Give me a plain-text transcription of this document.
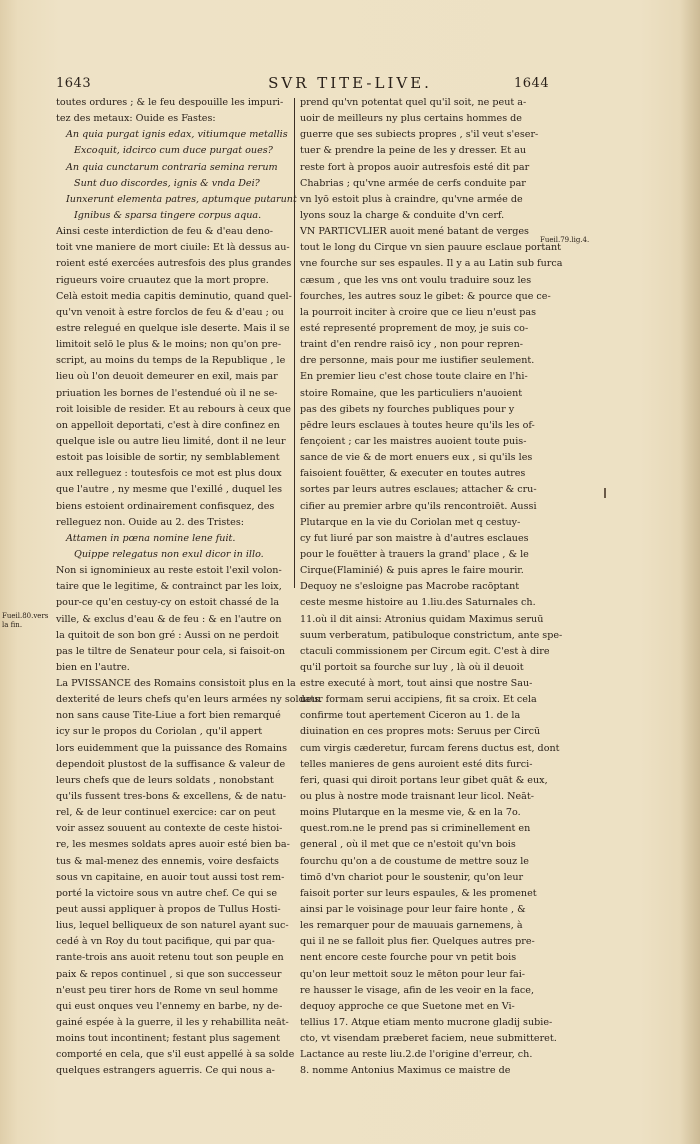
1643	SVR TITE-LIVE.	1644
toutes ordures ; & le feu despouille les impuri-
tez des metaux: Ouide es Fastes:
An quia purgat ignis edax, vitiumque metallis
Excoquit, idcirco cum duce purgat oues?
An quia cunctarum contraria semina rerum
Sunt duo discordes, ignis & vnda Dei?
Iunxerunt elementa patres, aptumque putarunt
Ignibus & sparsa tingere corpus aqua.
Ainsi ceste interdiction de feu & d'eau deno-
toit vne maniere de mort ciuile: Et là dessus au-
roient esté exercées autresfois des plus grandes
rigueurs voire cruautez que la mort propre.
Celà estoit media capitis deminutio, quand quel-
qu'vn venoit à estre forclos de feu & d'eau ; ou
estre relegué en quelque isle deserte. Mais il se
limitoit selō le plus & le moins; non qu'on pre-
script, au moins du temps de la Republique , le
lieu où l'on deuoit demeurer en exil, mais par
priuation les bornes de l'estendué où il ne se-
roit loisible de resider. Et au rebours à ceux que
on appelloit deportati, c'est à dire confinez en
quelque isle ou autre lieu limité, dont il ne leur
estoit pas loisible de sortir, ny semblablement
aux relleguez : toutesfois ce mot est plus doux
que l'autre , ny mesme que l'exillé , duquel les
biens estoient ordinairement confisquez, des
relleguez non. Ouide au 2. des Tristes:
Attamen in pœna nomine lene fuit.
Quippe relegatus non exul dicor in illo.
Non si ignominieux au reste estoit l'exil volon-
taire que le legitime, & contrainct par les loix,
pour-ce qu'en cestuy-cy on estoit chassé de la
ville, & exclus d'eau & de feu : & en l'autre on
la quitoit de son bon gré : Aussi on ne perdoit
pas le tiltre de Senateur pour cela, si faisoit-on
bien en l'autre.
La PVISSANCE des Romains consistoit plus en la
dexterité de leurs chefs qu'en leurs armées ny soldats.
non sans cause Tite-Liue a fort bien remarqué
icy sur le propos du Coriolan , qu'il appert
lors euidemment que la puissance des Romains
dependoit plustost de la suffisance & valeur de
leurs chefs que de leurs soldats , nonobstant
qu'ils fussent tres-bons & excellens, & de natu-
rel, & de leur continuel exercice: car on peut
voir assez souuent au contexte de ceste histoi-
re, les mesmes soldats apres auoir esté bien ba-
tus & mal-menez des ennemis, voire desfaicts
sous vn capitaine, en auoir tout aussi tost rem-
porté la victoire sous vn autre chef. Ce qui se
peut aussi appliquer à propos de Tullus Hosti-
lius, lequel belliqueux de son naturel ayant suc-
cedé à vn Roy du tout pacifique, qui par qua-
rante-trois ans auoit retenu tout son peuple en
paix & repos continuel , si que son successeur
n'eust peu tirer hors de Rome vn seul homme
qui eust onques veu l'ennemy en barbe, ny de-
gainé espée à la guerre, il les y rehabillita neāt-
moins tout incontinent; festant plus sagement
comporté en cela, que s'il eust appellé à sa solde
quelques estrangers aguerris. Ce qui nous a-
prend qu'vn potentat quel qu'il soit, ne peut a-
uoir de meilleurs ny plus certains hommes de
guerre que ses subiects propres , s'il veut s'eser-
tuer & prendre la peine de les y dresser. Et au
reste fort à propos auoir autresfois esté dit par
Chabrias ; qu'vne armée de cerfs conduite par
vn lyō estoit plus à craindre, qu'vne armée de
lyons souz la charge & conduite d'vn cerf.
VN PARTICVLIER auoit mené batant de verges
tout le long du Cirque vn sien pauure esclaue portant
vne fourche sur ses espaules. Il y a au Latin sub furca
cæsum , que les vns ont voulu traduire souz les
fourches, les autres souz le gibet: & pource que ce-
la pourroit inciter à croire que ce lieu n'eust pas
esté representé proprement de moy, je suis co-
traint d'en rendre raisō icy , non pour repren-
dre personne, mais pour me iustifier seulement.
En premier lieu c'est chose toute claire en l'hi-
stoire Romaine, que les particuliers n'auoient
pas des gibets ny fourches publiques pour y
pēdre leurs esclaues à toutes heure qu'ils les of-
fençoient ; car les maistres auoient toute puis-
sance de vie & de mort enuers eux , si qu'ils les
faisoient fouëtter, & executer en toutes autres
sortes par leurs autres esclaues; attacher & cru-
cifier au premier arbre qu'ils rencontroiēt. Aussi
Plutarque en la vie du Coriolan met q cestuy-
cy fut liuré par son maistre à d'autres esclaues
pour le fouëtter à trauers la grand' place , & le
Cirque(Flaminié) & puis apres le faire mourir.
Dequoy ne s'esloigne pas Macrobe racōptant
ceste mesme histoire au 1.liu.des Saturnales ch.
11.où il dit ainsi: Atronius quidam Maximus seruū
suum verberatum, patibuloque constrictum, ante spe-
ctaculi commissionem per Circum egit. C'est à dire
qu'il portoit sa fourche sur luy , là où il deuoit
estre executé à mort, tout ainsi que nostre Sau-
ueur formam serui accipiens, fit sa croix. Et cela
confirme tout apertement Ciceron au 1. de la
diuination en ces propres mots: Seruus per Circū
cum virgis cæderetur, furcam ferens ductus est, dont
telles manieres de gens auroient esté dits furci-
feri, quasi qui diroit portans leur gibet quāt & eux,
ou plus à nostre mode traisnant leur licol. Neāt-
moins Plutarque en la mesme vie, & en la 7o.
quest.rom.ne le prend pas si criminellement en
general , où il met que ce n'estoit qu'vn bois
fourchu qu'on a de coustume de mettre souz le
timō d'vn chariot pour le soustenir, qu'on leur
faisoit porter sur leurs espaules, & les promenet
ainsi par le voisinage pour leur faire honte , &
les remarquer pour de mauuais garnemens, à
qui il ne se falloit plus fier. Quelques autres pre-
nent encore ceste fourche pour vn petit bois
qu'on leur mettoit souz le mēton pour leur fai-
re hausser le visage, afin de les veoir en la face,
dequoy approche ce que Suetone met en Vi-
tellius 17. Atque etiam mento mucrone gladij subie-
cto, vt visendam præberet faciem, neue submitteret.
Lactance au reste liu.2.de l'origine d'erreur, ch.
8. nomme Antonius Maximus ce maistre de
Fueil.80.vers la fin.
Fueil.79.lig.4.
